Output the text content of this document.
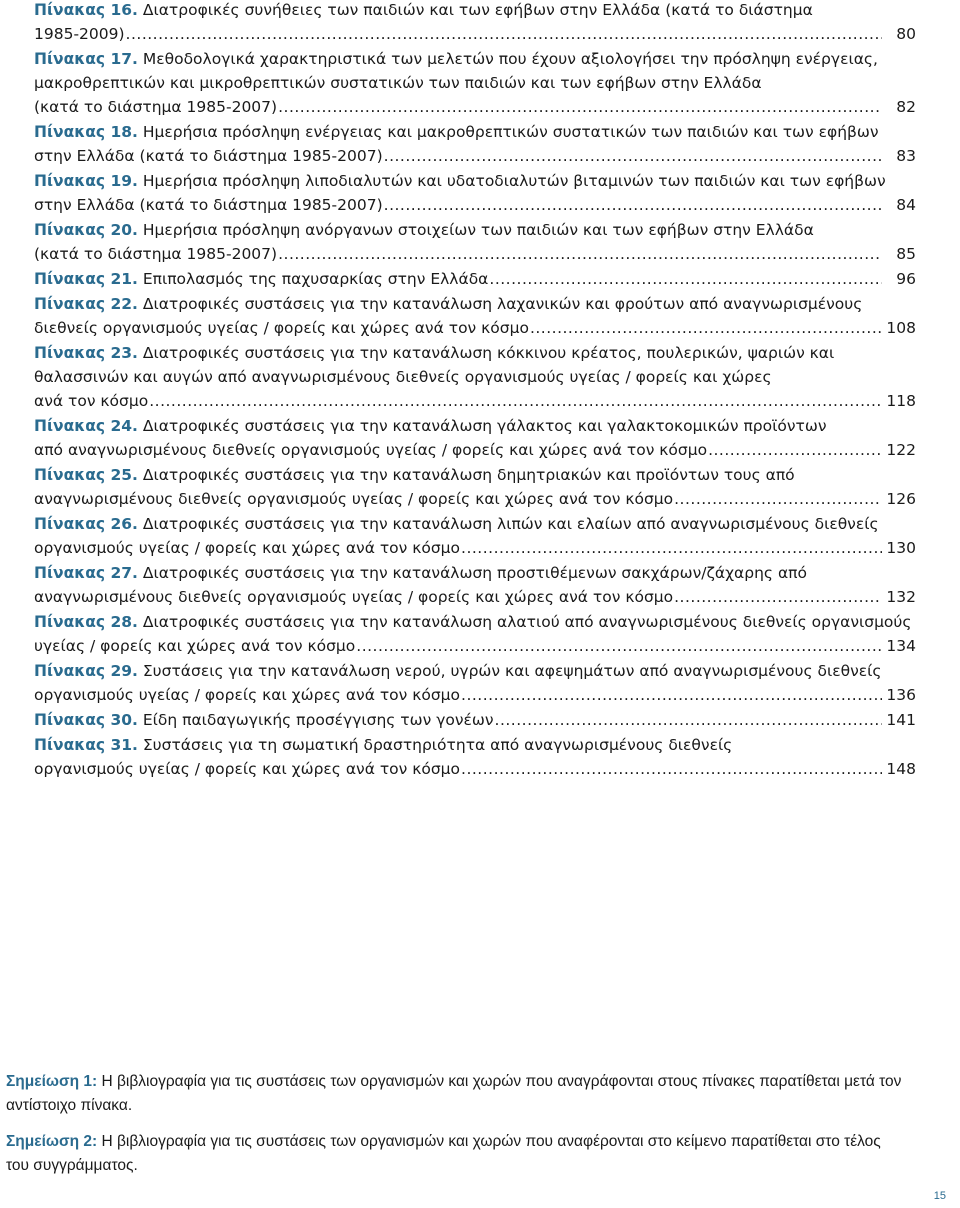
Πίνακας 16. Διατροφικές συνήθειες των παιδιών και των εφήβων στην Ελλάδα (κατά το διάστημα
1985-2009) .....	80
Πίνακας 17. Μεθοδολογικά χαρακτηριστικά των μελετών που έχουν αξιολογήσει την πρόσληψη ενέργειας,
μακροθρεπτικών και μικροθρεπτικών συστατικών των παιδιών και των εφήβων στην Ελλάδα
(κατά το διάστημα 1985-2007) .....	82
Πίνακας 18. Ημερήσια πρόσληψη ενέργειας και μακροθρεπτικών συστατικών των παιδιών και των εφήβων
στην Ελλάδα (κατά το διάστημα 1985-2007) .....	83
Πίνακας 19. Ημερήσια πρόσληψη λιποδιαλυτών και υδατοδιαλυτών βιταμινών των παιδιών και των εφήβων
στην Ελλάδα (κατά το διάστημα 1985-2007) .....	84
Πίνακας 20. Ημερήσια πρόσληψη ανόργανων στοιχείων των παιδιών και των εφήβων στην Ελλάδα
(κατά το διάστημα 1985-2007) .....	85
Πίνακας 21. Επιπολασμός της παχυσαρκίας στην Ελλάδα .....	96
Πίνακας 22. Διατροφικές συστάσεις για την κατανάλωση λαχανικών και φρούτων από αναγνωρισμένους
διεθνείς οργανισμούς υγείας / φορείς και χώρες ανά τον κόσμο .....	108
Πίνακας 23. Διατροφικές συστάσεις για την κατανάλωση κόκκινου κρέατος, πουλερικών, ψαριών και
θαλασσινών και αυγών από αναγνωρισμένους διεθνείς οργανισμούς υγείας / φορείς και χώρες
ανά τον κόσμο .....	118
Πίνακας 24. Διατροφικές συστάσεις για την κατανάλωση γάλακτος και γαλακτοκομικών προϊόντων
από αναγνωρισμένους διεθνείς οργανισμούς υγείας / φορείς και χώρες ανά τον κόσμο .....	122
Πίνακας 25. Διατροφικές συστάσεις για την κατανάλωση δημητριακών και προϊόντων τους από
αναγνωρισμένους διεθνείς οργανισμούς υγείας / φορείς και χώρες ανά τον κόσμο .....	126
Πίνακας 26. Διατροφικές συστάσεις για την κατανάλωση λιπών και ελαίων από αναγνωρισμένους διεθνείς
οργανισμούς υγείας / φορείς και χώρες ανά τον κόσμο .....	130
Πίνακας 27. Διατροφικές συστάσεις για την κατανάλωση προστιθέμενων σακχάρων/ζάχαρης από
αναγνωρισμένους διεθνείς οργανισμούς υγείας / φορείς και χώρες ανά τον κόσμο .....	132
Πίνακας 28. Διατροφικές συστάσεις για την κατανάλωση αλατιού από αναγνωρισμένους διεθνείς οργανισμούς
υγείας / φορείς και χώρες ανά τον κόσμο .....	134
Πίνακας 29. Συστάσεις για την κατανάλωση νερού, υγρών και αφεψημάτων από αναγνωρισμένους διεθνείς
οργανισμούς υγείας / φορείς και χώρες ανά τον κόσμο .....	136
Πίνακας 30. Είδη παιδαγωγικής προσέγγισης των γονέων .....	141
Πίνακας 31. Συστάσεις για τη σωματική δραστηριότητα από αναγνωρισμένους διεθνείς
οργανισμούς υγείας / φορείς και χώρες ανά τον κόσμο .....	148
Σημείωση 1: Η βιβλιογραφία για τις συστάσεις των οργανισμών και χωρών που αναγράφονται στους πίνακες παρατίθεται μετά τον αντίστοιχο πίνακα.
Σημείωση 2: Η βιβλιογραφία για τις συστάσεις των οργανισμών και χωρών που αναφέρονται στο κείμενο παρατίθεται στο τέλος του συγγράμματος.
15
